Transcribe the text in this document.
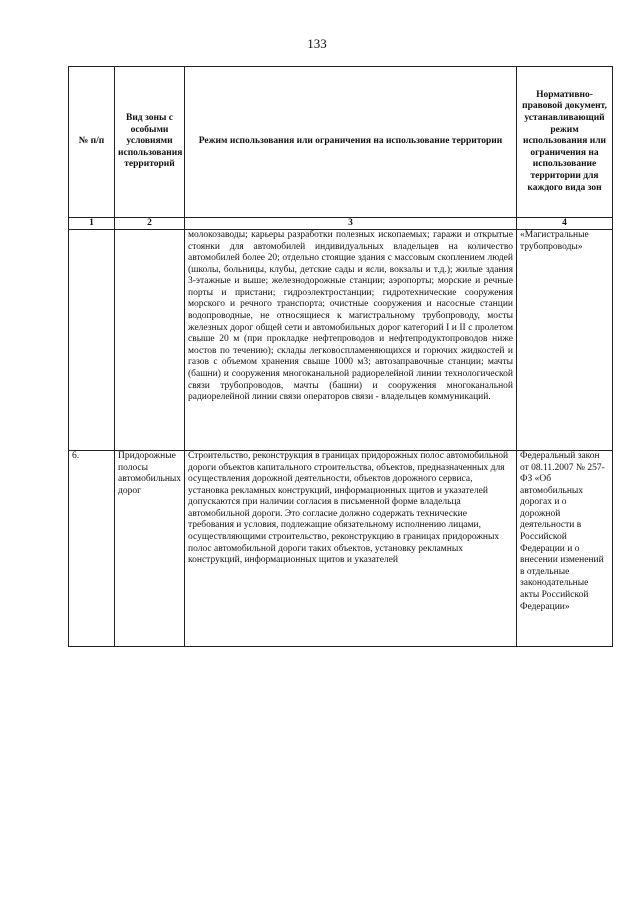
133
№ п/п	Вид зоны с особыми условиями использования территорий	Режим использования или ограничения на использование территории	Нормативно-правовой документ, устанавливающий режим использования или ограничения на использование территории для каждого вида зон
1	2	3	4
		молокозаводы; карьеры разработки полезных ископаемых; гаражи и открытые стоянки для автомобилей индивидуальных владельцев на количество автомобилей более 20; отдельно стоящие здания с массовым скоплением людей (школы, больницы, клубы, детские сады и ясли, вокзалы и т.д.); жилые здания 3-этажные и выше; железнодорожные станции; аэропорты; морские и речные порты и пристани; гидроэлектростанции; гидротехнические сооружения морского и речного транспорта; очистные сооружения и насосные станции водопроводные, не относящиеся к магистральному трубопроводу, мосты железных дорог общей сети и автомобильных дорог категорий I и II с пролетом свыше 20 м (при прокладке нефтепроводов и нефтепродуктопроводов ниже мостов по течению); склады легковоспламеняющихся и горючих жидкостей и газов с объемом хранения свыше 1000 м3; автозаправочные станции; мачты (башни) и сооружения многоканальной радиорелейной линии технологической связи трубопроводов, мачты (башни) и сооружения многоканальной радиорелейной линии связи операторов связи - владельцев коммуникаций.	«Магистральные трубопроводы»
6.	Придорожные полосы автомобильных дорог	Строительство, реконструкция в границах придорожных полос автомобильной дороги объектов капитального строительства, объектов, предназначенных для осуществления дорожной деятельности, объектов дорожного сервиса, установка рекламных конструкций, информационных щитов и указателей допускаются при наличии согласия в письменной форме владельца автомобильной дороги. Это согласие должно содержать технические требования и условия, подлежащие обязательному исполнению лицами, осуществляющими строительство, реконструкцию в границах придорожных полос автомобильной дороги таких объектов, установку рекламных конструкций, информационных щитов и указателей	Федеральный закон от 08.11.2007 № 257-ФЗ «Об автомобильных дорогах и о дорожной деятельности в Российской Федерации и о внесении изменений в отдельные законодательные акты Российской Федерации»
